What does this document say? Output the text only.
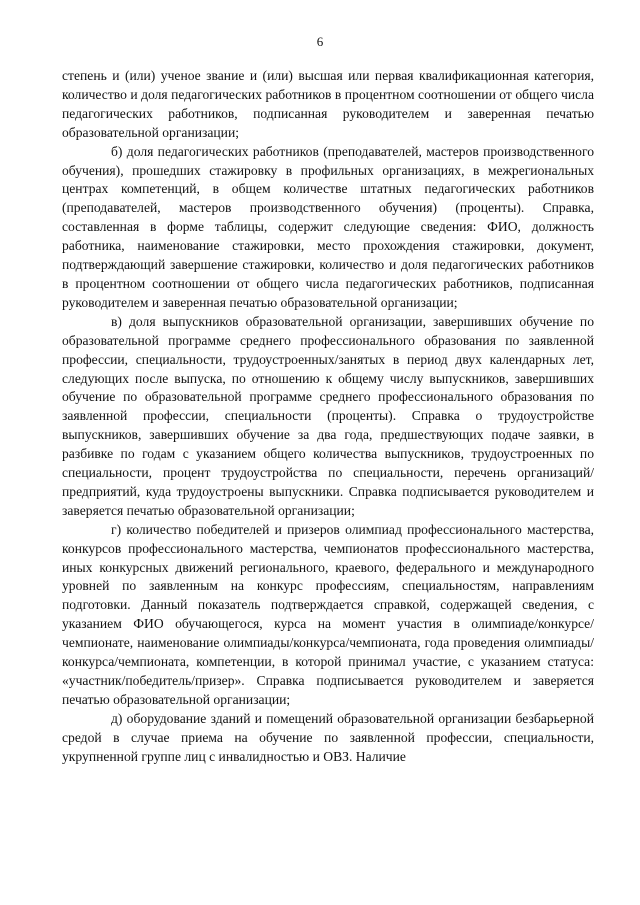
6

степень и (или) ученое звание и (или) высшая или первая квалификационная категория, количество и доля педагогических работников в процентном соотношении от общего числа педагогических работников, подписанная руководителем и заверенная печатью образовательной организации;

б) доля педагогических работников (преподавателей, мастеров производственного обучения), прошедших стажировку в профильных организациях, в межрегиональных центрах компетенций, в общем количестве штатных педагогических работников (преподавателей, мастеров производственного обучения) (проценты). Справка, составленная в форме таблицы, содержит следующие сведения: ФИО, должность работника, наименование стажировки, место прохождения стажировки, документ, подтверждающий завершение стажировки, количество и доля педагогических работников в процентном соотношении от общего числа педагогических работников, подписанная руководителем и заверенная печатью образовательной организации;

в) доля выпускников образовательной организации, завершивших обучение по образовательной программе среднего профессионального образования по заявленной профессии, специальности, трудоустроенных/занятых в период двух календарных лет, следующих после выпуска, по отношению к общему числу выпускников, завершивших обучение по образовательной программе среднего профессионального образования по заявленной профессии, специальности (проценты). Справка о трудоустройстве выпускников, завершивших обучение за два года, предшествующих подаче заявки, в разбивке по годам с указанием общего количества выпускников, трудоустроенных по специальности, процент трудоустройства по специальности, перечень организаций/предприятий, куда трудоустроены выпускники. Справка подписывается руководителем и заверяется печатью образовательной организации;

г) количество победителей и призеров олимпиад профессионального мастерства, конкурсов профессионального мастерства, чемпионатов профессионального мастерства, иных конкурсных движений регионального, краевого, федерального и международного уровней по заявленным на конкурс профессиям, специальностям, направлениям подготовки. Данный показатель подтверждается справкой, содержащей сведения, с указанием ФИО обучающегося, курса на момент участия в олимпиаде/конкурсе/чемпионате, наименование олимпиады/конкурса/чемпионата, года проведения олимпиады/конкурса/чемпионата, компетенции, в которой принимал участие, с указанием статуса: «участник/победитель/призер». Справка подписывается руководителем и заверяется печатью образовательной организации;

д) оборудование зданий и помещений образовательной организации безбарьерной средой в случае приема на обучение по заявленной профессии, специальности, укрупненной группе лиц с инвалидностью и ОВЗ. Наличие
